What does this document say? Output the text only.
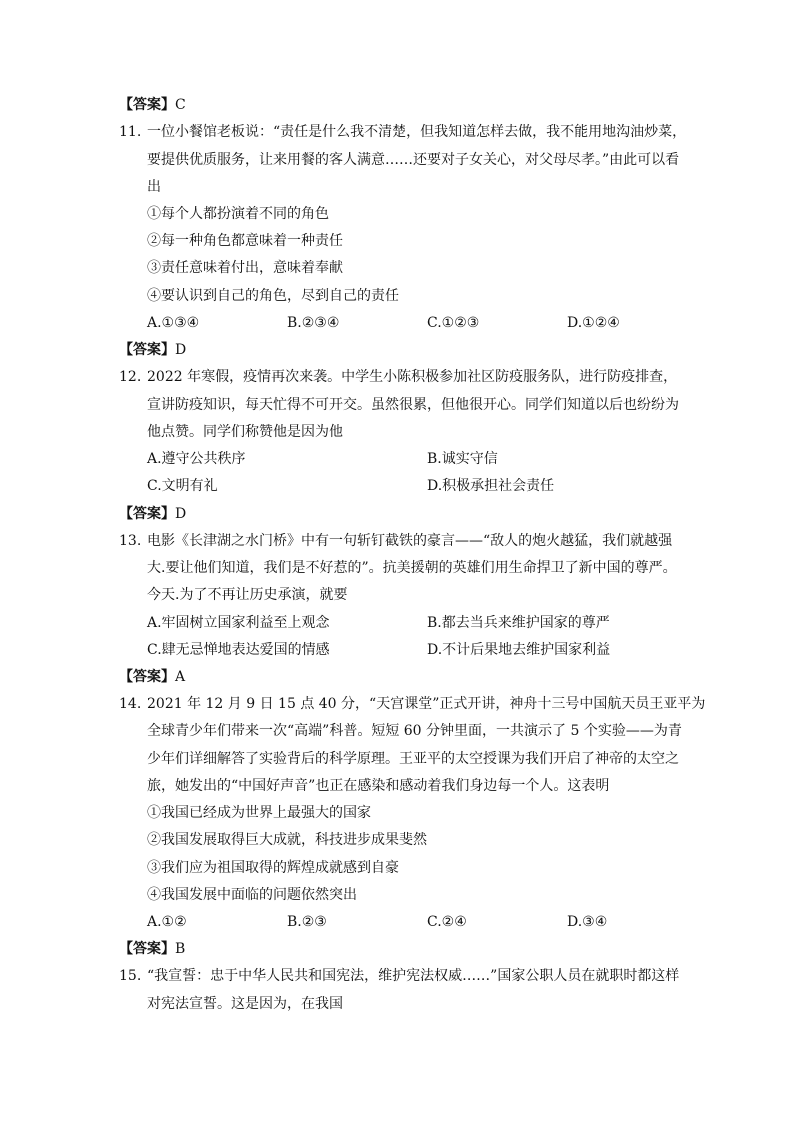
【答案】C
11. 一位小餐馆老板说：“责任是什么我不清楚，但我知道怎样去做，我不能用地沟油炒菜，
要提供优质服务，让来用餐的客人满意……还要对子女关心，对父母尽孝。”由此可以看
出
①每个人都扮演着不同的角色
②每一种角色都意味着一种责任
③责任意味着付出，意味着奉献
④要认识到自己的角色，尽到自己的责任
A.①③④	B.②③④	C.①②③	D.①②④
【答案】D
12. 2022 年寒假，疫情再次来袭。中学生小陈积极参加社区防疫服务队，进行防疫排查，
宣讲防疫知识，每天忙得不可开交。虽然很累，但他很开心。同学们知道以后也纷纷为
他点赞。同学们称赞他是因为他
A.遵守公共秩序	B.诚实守信
C.文明有礼	D.积极承担社会责任
【答案】D
13. 电影《长津湖之水门桥》中有一句斩钉截铁的豪言——“敌人的炮火越猛，我们就越强
大.要让他们知道，我们是不好惹的”。抗美援朝的英雄们用生命捍卫了新中国的尊严。
今天.为了不再让历史承演，就要
A.牢固树立国家利益至上观念	B.都去当兵来维护国家的尊严
C.肆无忌惮地表达爱国的情感	D.不计后果地去维护国家利益
【答案】A
14. 2021 年 12 月 9 日 15 点 40 分，“天宫课堂”正式开讲，神舟十三号中国航天员王亚平为
全球青少年们带来一次“高端”科普。短短 60 分钟里面，一共演示了 5 个实验——为青
少年们详细解答了实验背后的科学原理。王亚平的太空授课为我们开启了神帝的太空之
旅，她发出的“中国好声音”也正在感染和感动着我们身边每一个人。这表明
①我国已经成为世界上最强大的国家
②我国发展取得巨大成就，科技进步成果斐然
③我们应为祖国取得的辉煌成就感到自豪
④我国发展中面临的问题依然突出
A.①②	B.②③	C.②④	D.③④
【答案】B
15. “我宣誓：忠于中华人民共和国宪法，维护宪法权威……”国家公职人员在就职时都这样
对宪法宣誓。这是因为，在我国
